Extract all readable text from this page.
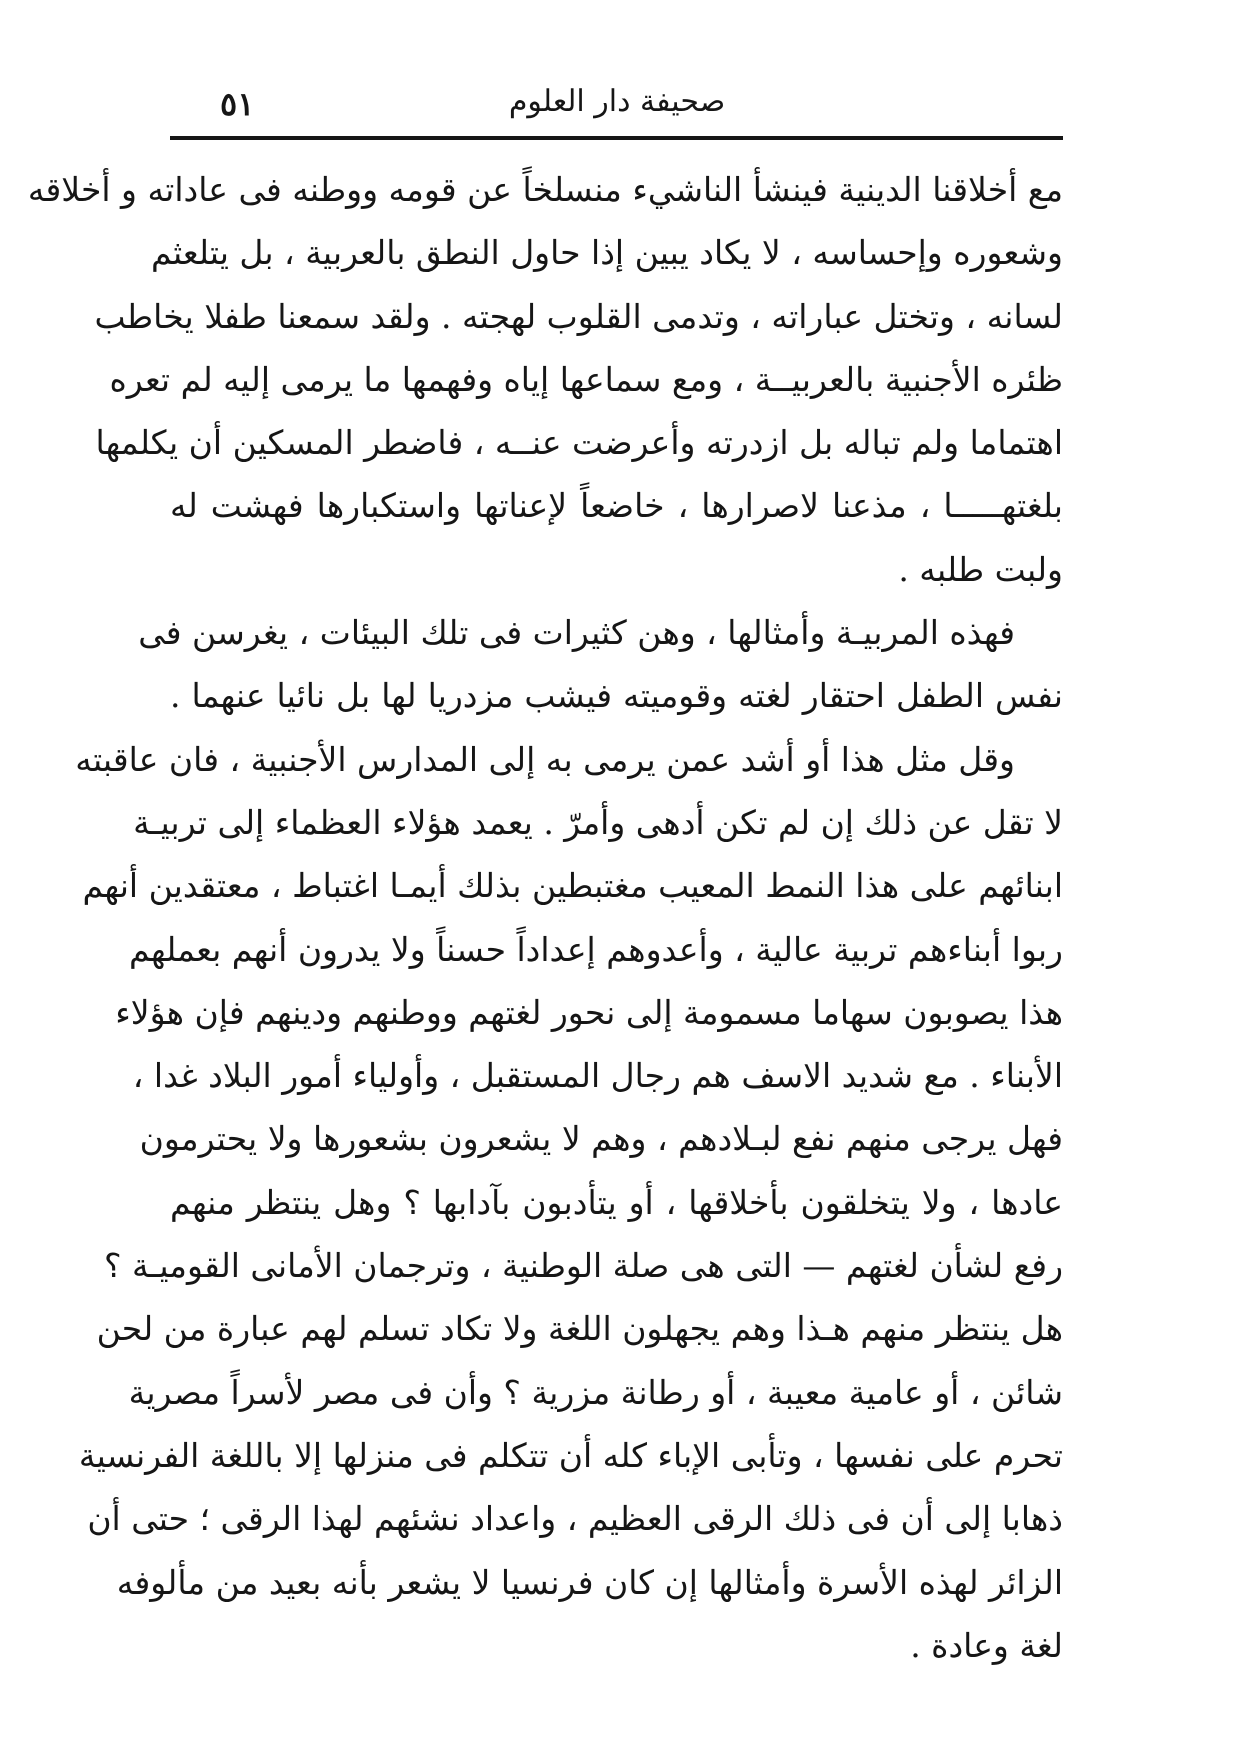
صحيفة دار العلوم
٥١
مع أخلاقنا الدينية فينشأ الناشيء منسلخاً عن قومه ووطنه فى عاداته و أخلاقه
وشعوره وإحساسه ، لا يكاد يبين إذا حاول النطق بالعربية ، بل يتلعثم
لسانه ، وتختل عباراته ، وتدمى القلوب لهجته . ولقد سمعنا طفلا يخاطب
ظئره الأجنبية بالعربيــة ، ومع سماعها إياه وفهمها ما يرمى إليه لم تعره
اهتماما ولم تباله بل ازدرته وأعرضت عنــه ، فاضطر المسكين أن يكلمها
بلغتهـــــا ، مذعنا لاصرارها ، خاضعاً لإعناتها واستكبارها فهشت له
ولبت طلبه .
فهذه المربيـة وأمثالها ، وهن كثيرات فى تلك البيئات ، يغرسن فى
نفس الطفل احتقار لغته وقوميته فيشب مزدريا لها بل نائيا عنهما .
وقل مثل هذا أو أشد عمن يرمى به إلى المدارس الأجنبية ، فان عاقبته
لا تقل عن ذلك إن لم تكن أدهى وأمرّ . يعمد هؤلاء العظماء إلى تربيـة
ابنائهم على هذا النمط المعيب مغتبطين بذلك أيمـا اغتباط ، معتقدين أنهم
ربوا أبناءهم تربية عالية ، وأعدوهم إعداداً حسناً ولا يدرون أنهم بعملهم
هذا يصوبون سهاما مسمومة إلى نحور لغتهم ووطنهم ودينهم فإن هؤلاء
الأبناء . مع شديد الاسف هم رجال المستقبل ، وأولياء أمور البلاد غدا ،
فهل يرجى منهم نفع لبـلادهم ، وهم لا يشعرون بشعورها ولا يحترمون
عادها ، ولا يتخلقون بأخلاقها ، أو يتأدبون بآدابها ؟ وهل ينتظر منهم
رفع لشأن لغتهم — التى هى صلة الوطنية ، وترجمان الأمانى القوميـة ؟
هل ينتظر منهم هـذا وهم يجهلون اللغة ولا تكاد تسلم لهم عبارة من لحن
شائن ، أو عامية معيبة ، أو رطانة مزرية ؟ وأن فى مصر لأسراً مصرية
تحرم على نفسها ، وتأبى الإباء كله أن تتكلم فى منزلها إلا باللغة الفرنسية
ذهابا إلى أن فى ذلك الرقى العظيم ، واعداد نشئهم لهذا الرقى ؛ حتى أن
الزائر لهذه الأسرة وأمثالها إن كان فرنسيا لا يشعر بأنه بعيد من مألوفه
لغة وعادة .
